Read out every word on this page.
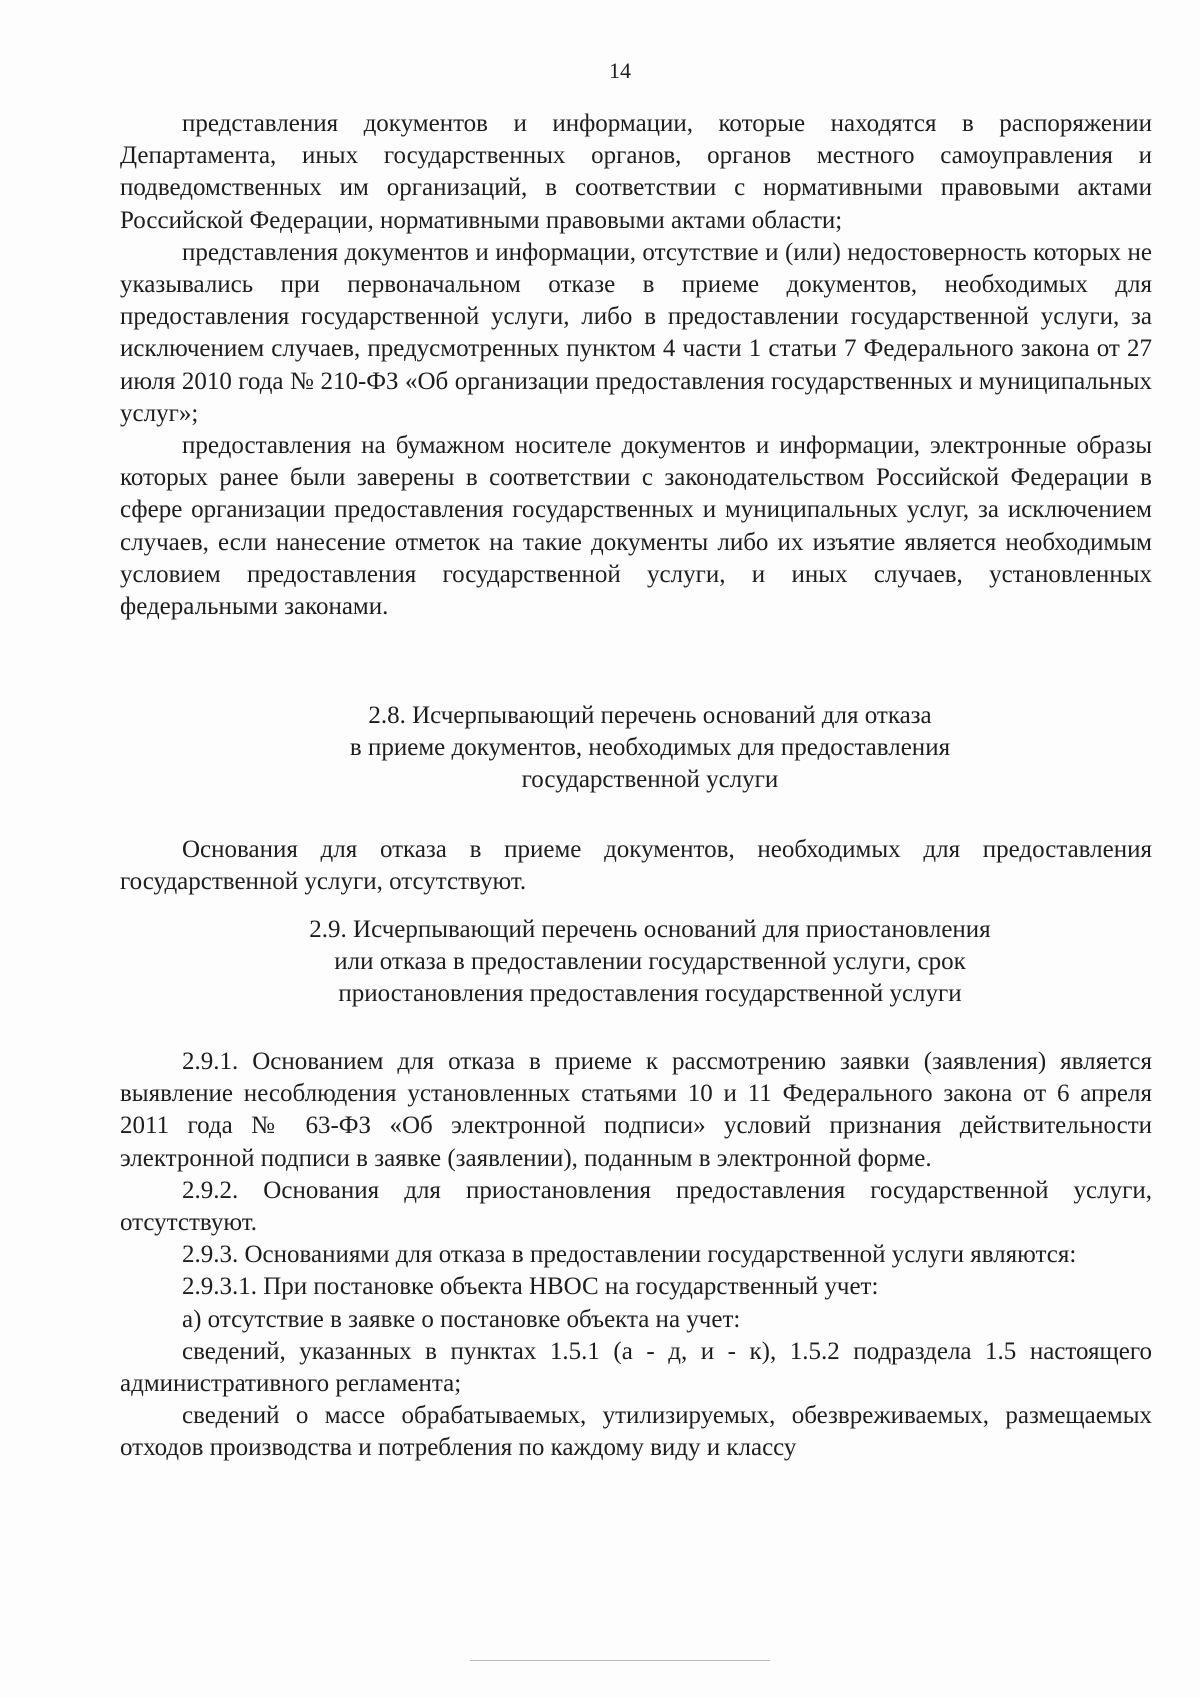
14

представления документов и информации, которые находятся в распоряжении Департамента, иных государственных органов, органов местного самоуправления и подведомственных им организаций, в соответствии с нормативными правовыми актами Российской Федерации, нормативными правовыми актами области;

представления документов и информации, отсутствие и (или) недостоверность которых не указывались при первоначальном отказе в приеме документов, необходимых для предоставления государственной услуги, либо в предоставлении государственной услуги, за исключением случаев, предусмотренных пунктом 4 части 1 статьи 7 Федерального закона от 27 июля 2010 года № 210-ФЗ «Об организации предоставления государственных и муниципальных услуг»;

предоставления на бумажном носителе документов и информации, электронные образы которых ранее были заверены в соответствии с законодательством Российской Федерации в сфере организации предоставления государственных и муниципальных услуг, за исключением случаев, если нанесение отметок на такие документы либо их изъятие является необходимым условием предоставления государственной услуги, и иных случаев, установленных федеральными законами.

2.8. Исчерпывающий перечень оснований для отказа
в приеме документов, необходимых для предоставления
государственной услуги

Основания для отказа в приеме документов, необходимых для предоставления государственной услуги, отсутствуют.

2.9. Исчерпывающий перечень оснований для приостановления
или отказа в предоставлении государственной услуги, срок
приостановления предоставления государственной услуги

2.9.1. Основанием для отказа в приеме к рассмотрению заявки (заявления) является выявление несоблюдения установленных статьями 10 и 11 Федерального закона от 6 апреля 2011 года № 63-ФЗ «Об электронной подписи» условий признания действительности электронной подписи в заявке (заявлении), поданным в электронной форме.

2.9.2. Основания для приостановления предоставления государственной услуги, отсутствуют.

2.9.3. Основаниями для отказа в предоставлении государственной услуги являются:

2.9.3.1. При постановке объекта НВОС на государственный учет:

а) отсутствие в заявке о постановке объекта на учет:

сведений, указанных в пунктах 1.5.1 (а - д, и - к), 1.5.2 подраздела 1.5 настоящего административного регламента;

сведений о массе обрабатываемых, утилизируемых, обезвреживаемых, размещаемых отходов производства и потребления по каждому виду и классу
